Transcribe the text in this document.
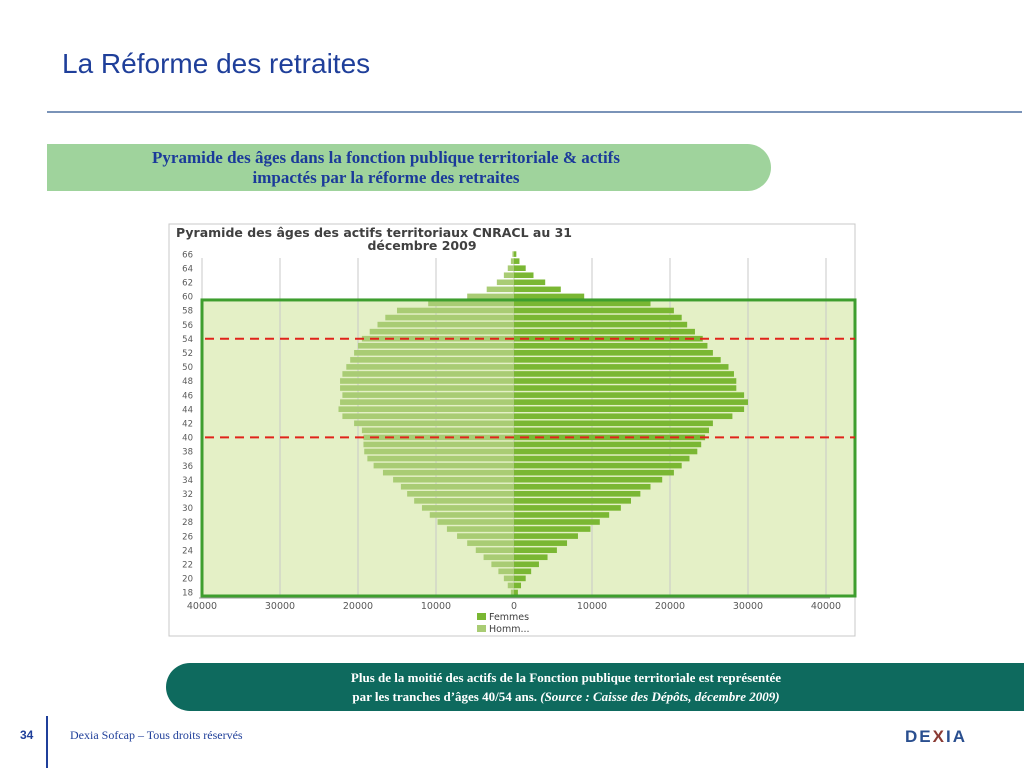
La Réforme des retraites
Pyramide des âges dans la fonction publique territoriale & actifs
impactés par la réforme des retraites
18
20
22
24
26
28
30
32
34
36
38
40
42
44
46
48
50
52
54
56
58
60
62
64
66
40000	30000	20000	10000	0	10000	20000	30000	40000
Pyramide des âges des actifs territoriaux CNRACL au 31
décembre 2009
Femmes
Homm...
Plus de la moitié des actifs de la Fonction publique territoriale est représentée
par les tranches d’âges 40/54 ans. (Source : Caisse des Dépôts, décembre 2009)
34	Dexia Sofcap – Tous droits réservés	DEXIA
